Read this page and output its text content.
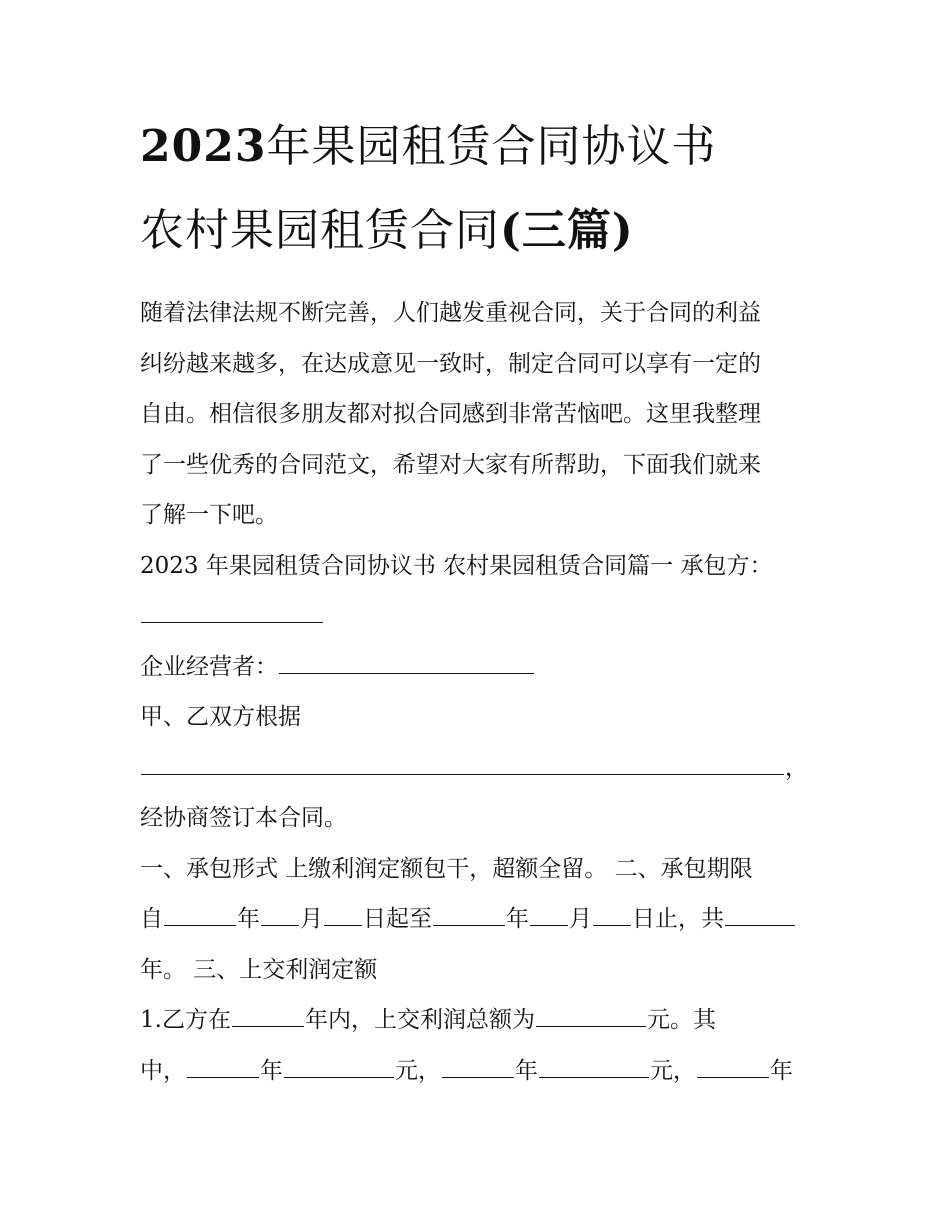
2023年果园租赁合同协议书
农村果园租赁合同(三篇)
随着法律法规不断完善，人们越发重视合同，关于合同的利益
纠纷越来越多，在达成意见一致时，制定合同可以享有一定的
自由。相信很多朋友都对拟合同感到非常苦恼吧。这里我整理
了一些优秀的合同范文，希望对大家有所帮助，下面我们就来
了解一下吧。
2023 年果园租赁合同协议书 农村果园租赁合同篇一 承包方：
企业经营者：
甲、乙双方根据
，
经协商签订本合同。
一、承包形式 上缴利润定额包干，超额全留。 二、承包期限
自	年 月 日起至	年 月 日止，共
年。 三、上交利润定额
1.乙方在	年内，上交利润总额为	元。其
中，	年	元，	年	元，	年
